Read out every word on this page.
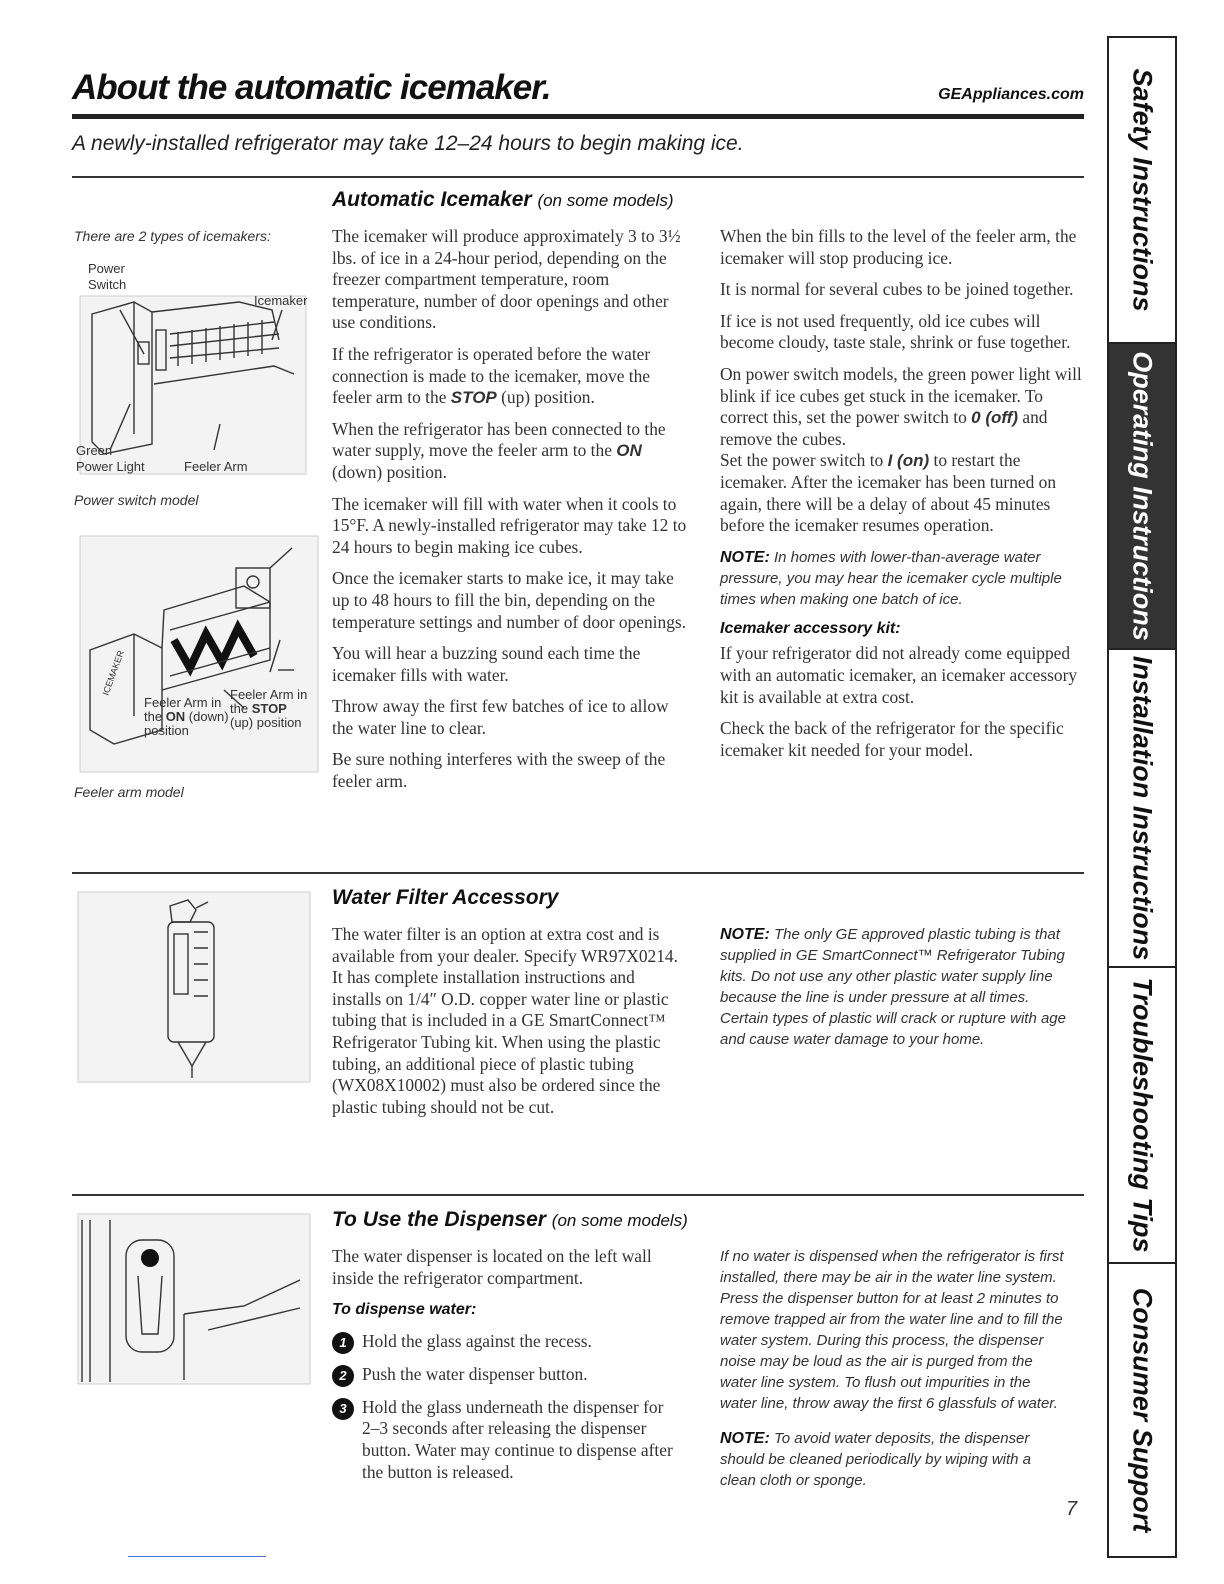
About the automatic icemaker.	GEAppliances.com
A newly-installed refrigerator may take 12–24 hours to begin making ice.
Automatic Icemaker (on some models)
There are 2 types of icemakers:
Power
Switch
Icemaker
Green
Power Light	Feeler Arm
Power switch model
ICEMAKER	Feeler Arm in
the STOP
(up) position
Feeler Arm in
the ON (down)
position
Feeler arm model

The icemaker will produce approximately 3 to 3½ lbs. of ice in a 24-hour period, depending on the freezer compartment temperature, room temperature, number of door openings and other use conditions.

If the refrigerator is operated before the water connection is made to the icemaker, move the feeler arm to the STOP (up) position.

When the refrigerator has been connected to the water supply, move the feeler arm to the ON (down) position.

The icemaker will fill with water when it cools to 15°F. A newly-installed refrigerator may take 12 to 24 hours to begin making ice cubes.

Once the icemaker starts to make ice, it may take up to 48 hours to fill the bin, depending on the temperature settings and number of door openings.

You will hear a buzzing sound each time the icemaker fills with water.

Throw away the first few batches of ice to allow the water line to clear.

Be sure nothing interferes with the sweep of the feeler arm.

When the bin fills to the level of the feeler arm, the icemaker will stop producing ice.

It is normal for several cubes to be joined together.

If ice is not used frequently, old ice cubes will become cloudy, taste stale, shrink or fuse together.

On power switch models, the green power light will blink if ice cubes get stuck in the icemaker. To correct this, set the power switch to 0 (off) and remove the cubes.
Set the power switch to I (on) to restart the icemaker. After the icemaker has been turned on again, there will be a delay of about 45 minutes before the icemaker resumes operation.

NOTE: In homes with lower-than-average water pressure, you may hear the icemaker cycle multiple times when making one batch of ice.
Icemaker accessory kit:

If your refrigerator did not already come equipped with an automatic icemaker, an icemaker accessory kit is available at extra cost.

Check the back of the refrigerator for the specific icemaker kit needed for your model.

Water Filter Accessory

The water filter is an option at extra cost and is available from your dealer. Specify WR97X0214. It has complete installation instructions and installs on 1/4″ O.D. copper water line or plastic tubing that is included in a GE SmartConnect™ Refrigerator Tubing kit. When using the plastic tubing, an additional piece of plastic tubing (WX08X10002) must also be ordered since the plastic tubing should not be cut.

NOTE: The only GE approved plastic tubing is that supplied in GE SmartConnect™ Refrigerator Tubing kits. Do not use any other plastic water supply line because the line is under pressure at all times. Certain types of plastic will crack or rupture with age and cause water damage to your home.
To Use the Dispenser (on some models)

The water dispenser is located on the left wall inside the refrigerator compartment.

To dispense water:
1 Hold the glass against the recess.
2 Push the water dispenser button.
3 Hold the glass underneath the dispenser for 2–3 seconds after releasing the dispenser button. Water may continue to dispense after the button is released.

If no water is dispensed when the refrigerator is first installed, there may be air in the water line system. Press the dispenser button for at least 2 minutes to remove trapped air from the water line and to fill the water system. During this process, the dispenser noise may be loud as the air is purged from the water line system. To flush out impurities in the water line, throw away the first 6 glassfuls of water.

NOTE: To avoid water deposits, the dispenser should be cleaned periodically by wiping with a clean cloth or sponge.

7
Safety Instructions
Operating Instructions
Installation Instructions
Troubleshooting Tips
Consumer Support
